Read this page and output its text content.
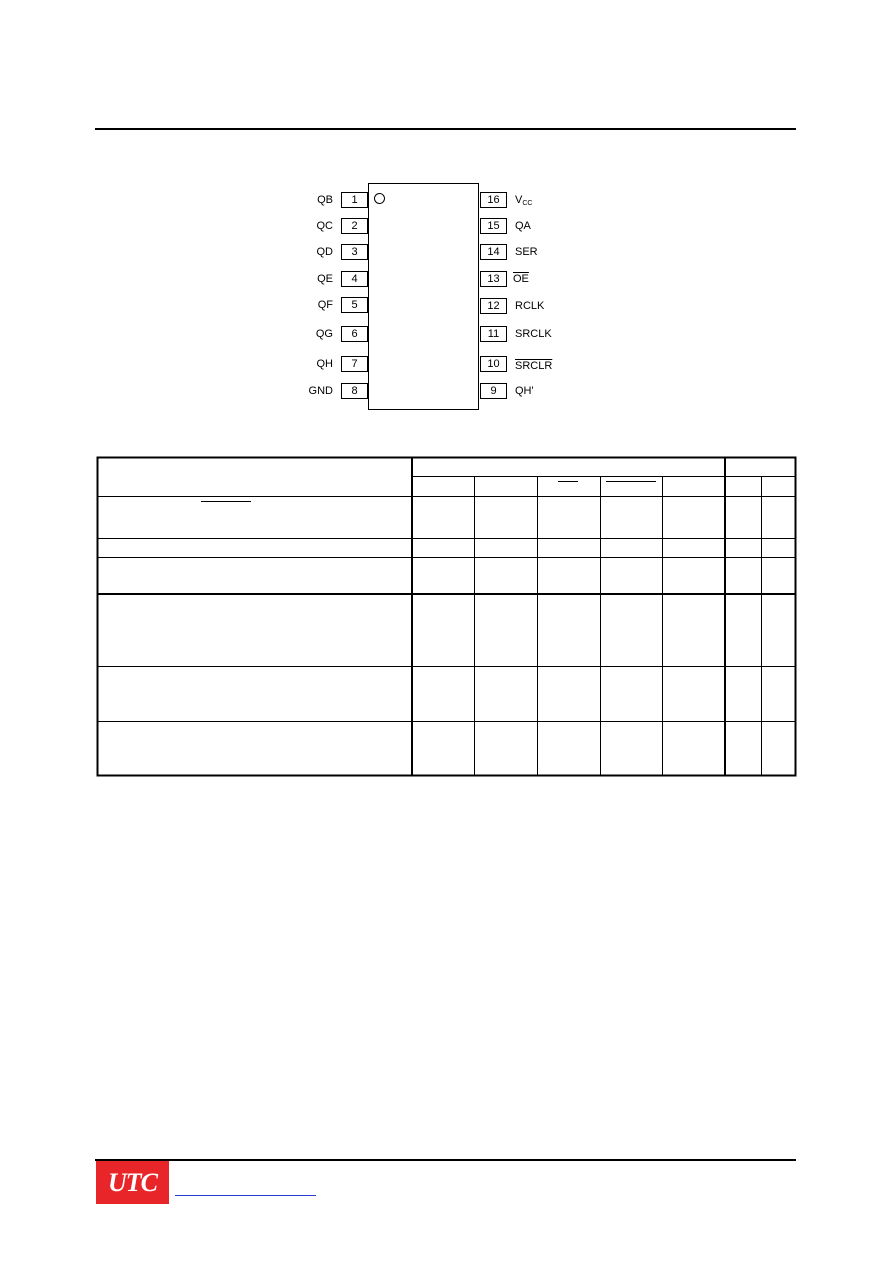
QB	1
QC	2
QD	3
QE	4
QF	5
QG	6
QH	7
GND	8
16	$V_{CC}$
15	QA
14	SER
13	$\overline{OE}$
12	RCLK
11	SRCLK
10	SRCLR
9	QH'
UTC
